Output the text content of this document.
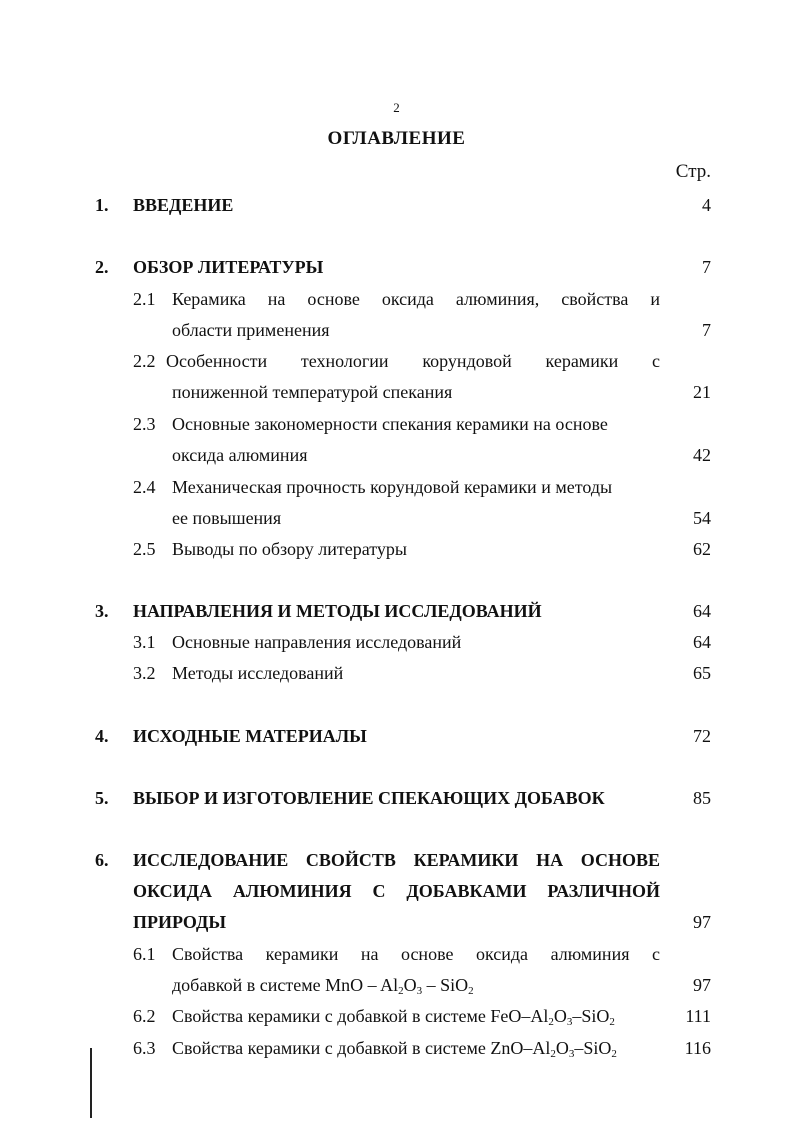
2
ОГЛАВЛЕНИЕ
Стр.
1. ВВЕДЕНИЕ	4
2. ОБЗОР ЛИТЕРАТУРЫ	7
2.1 Керамика на основе оксида алюминия, свойства и
области применения	7
2.2 Особенности технологии корундовой керамики с
пониженной температурой спекания	21
2.3 Основные закономерности спекания керамики на основе
оксида алюминия	42
2.4 Механическая прочность корундовой керамики и методы
ее повышения	54
2.5 Выводы по обзору литературы	62
3. НАПРАВЛЕНИЯ И МЕТОДЫ ИССЛЕДОВАНИЙ	64
3.1 Основные направления исследований	64
3.2 Методы исследований	65
4. ИСХОДНЫЕ МАТЕРИАЛЫ	72
5. ВЫБОР И ИЗГОТОВЛЕНИЕ СПЕКАЮЩИХ ДОБАВОК	85
6. ИССЛЕДОВАНИЕ СВОЙСТВ КЕРАМИКИ НА ОСНОВЕ
ОКСИДА АЛЮМИНИЯ С ДОБАВКАМИ РАЗЛИЧНОЙ
ПРИРОДЫ	97
6.1 Свойства керамики на основе оксида алюминия с
добавкой в системе MnO – $Al_2O_3 - SiO_2$	97
6.2 Свойства керамики с добавкой в системе FeO–$Al_2O_3-SiO_2$	111
6.3 Свойства керамики с добавкой в системе ZnO–$Al_2O_3-SiO_2$	116
